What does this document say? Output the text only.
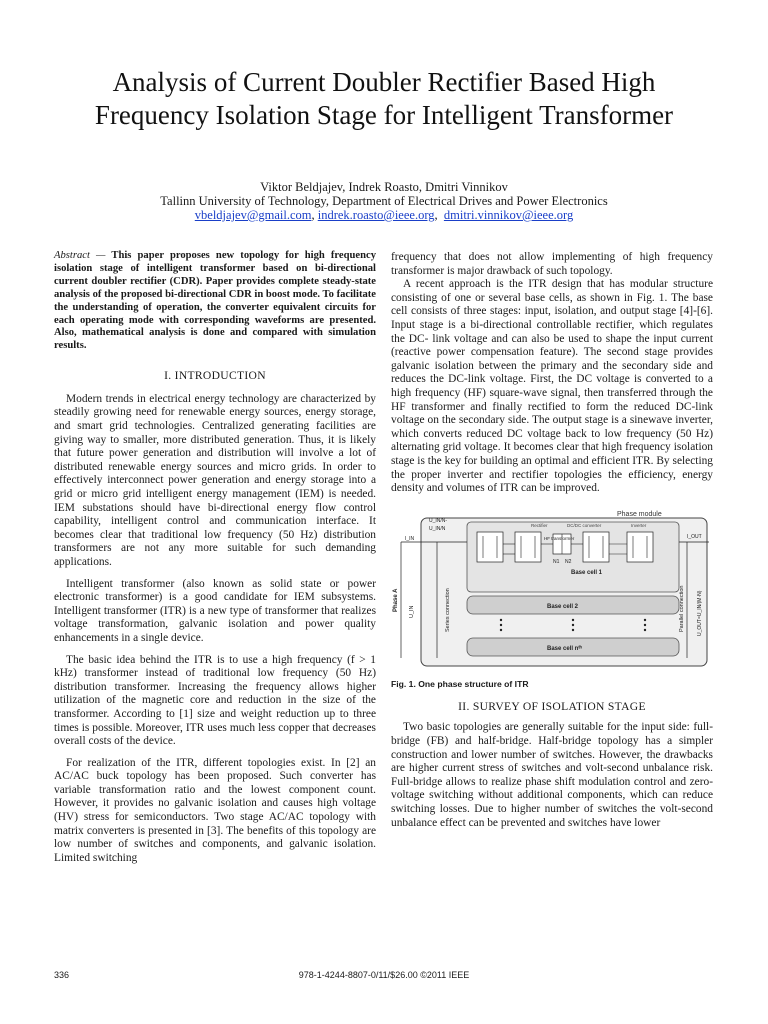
Analysis of Current Doubler Rectifier Based High Frequency Isolation Stage for Intelligent Transformer
Viktor Beldjajev, Indrek Roasto, Dmitri Vinnikov
Tallinn University of Technology, Department of Electrical Drives and Power Electronics
vbeldjajev@gmail.com, indrek.roasto@ieee.org,  dmitri.vinnikov@ieee.org

Abstract — This paper proposes new topology for high frequency isolation stage of intelligent transformer based on bi-directional current doubler rectifier (CDR). Paper provides complete steady-state analysis of the proposed bi-directional CDR in boost mode. To facilitate the understanding of operation, the converter equivalent circuits for each operating mode with corresponding waveforms are presented. Also, mathematical analysis is done and compared with simulation results.

I. INTRODUCTION

Modern trends in electrical energy technology are characterized by steadily growing need for renewable energy sources, energy storage, and smart grid technologies. Centralized generating facilities are giving way to smaller, more distributed generation. Thus, it is likely that future power generation and distribution will involve a lot of distributed renewable energy sources and micro grids. In order to effectively interconnect power generation and energy storage into a grid or micro grid intelligent energy management (IEM) is needed. IEM substations should have bi-directional energy flow control capability, intelligent control and communication interface. It becomes clear that traditional low frequency (50 Hz) distribution transformers are not any more suitable for such demanding applications.

Intelligent transformer (also known as solid state or power electronic transformer) is a good candidate for IEM subsystems. Intelligent transformer (ITR) is a new type of transformer that realizes voltage transformation, galvanic isolation and power quality enhancements in a single device.

The basic idea behind the ITR is to use a high frequency (f > 1 kHz) transformer instead of traditional low frequency (50 Hz) distribution transformer. Increasing the frequency allows higher utilization of the magnetic core and reduction in the size of the transformer. According to [1] size and weight reduction up to three times is possible. Moreover, ITR uses much less copper that decreases overall costs of the device.

For realization of the ITR, different topologies exist. In [2] an AC/AC buck topology has been proposed. Such converter has variable transformation ratio and the lowest component count. However, it provides no galvanic isolation and causes high voltage (HV) stress for semiconductors. Two stage AC/AC topology with matrix converters is presented in [3]. The benefits of this topology are low number of switches and components, and galvanic isolation. Limited switching

frequency that does not allow implementing of high frequency transformer is major drawback of such topology.

A recent approach is the ITR design that has modular structure consisting of one or several base cells, as shown in Fig. 1. The base cell consists of three stages: input, isolation, and output stage [4]-[6]. Input stage is a bi-directional controllable rectifier, which regulates the DC- link voltage and can also be used to shape the input current (reactive power compensation feature). The second stage provides galvanic isolation between the primary and the secondary side and reduces the DC-link voltage. First, the DC voltage is converted to a high frequency (HF) square-wave signal, then transferred through the HF transformer and finally rectified to form the reduced DC-link voltage on the secondary side. The output stage is a sinewave inverter, which converts reduced DC voltage back to low frequency (50 Hz) alternating grid voltage. It becomes clear that high frequency isolation stage is the key for building an optimal and efficient ITR. By selecting the proper inverter and rectifier topologies the efficiency, energy density and volumes of ITR can be improved.

Phase module
Rectifier	DC/DC converter	Inverter
HF transformer
N1 N2
Base cell 1
Base cell 2
Base cell nᵗʰ
U_IN/N-
U_IN/N
I_IN	I_OUT
Phase A U_IN	Series connection	Parallel connection U_OUT=U_IN/(M·N)
Fig. 1. One phase structure of ITR
II. SURVEY OF ISOLATION STAGE

Two basic topologies are generally suitable for the input side: full-bridge (FB) and half-bridge. Half-bridge topology has a simpler construction and lower number of switches. However, the drawbacks are higher current stress of switches and volt-second unbalance risk. Full-bridge allows to realize phase shift modulation control and zero-voltage switching without additional components, which can reduce switching losses. Due to higher number of switches the volt-second unbalance effect can be prevented and switches have lower

336	978-1-4244-8807-0/11/$26.00 ©2011 IEEE
